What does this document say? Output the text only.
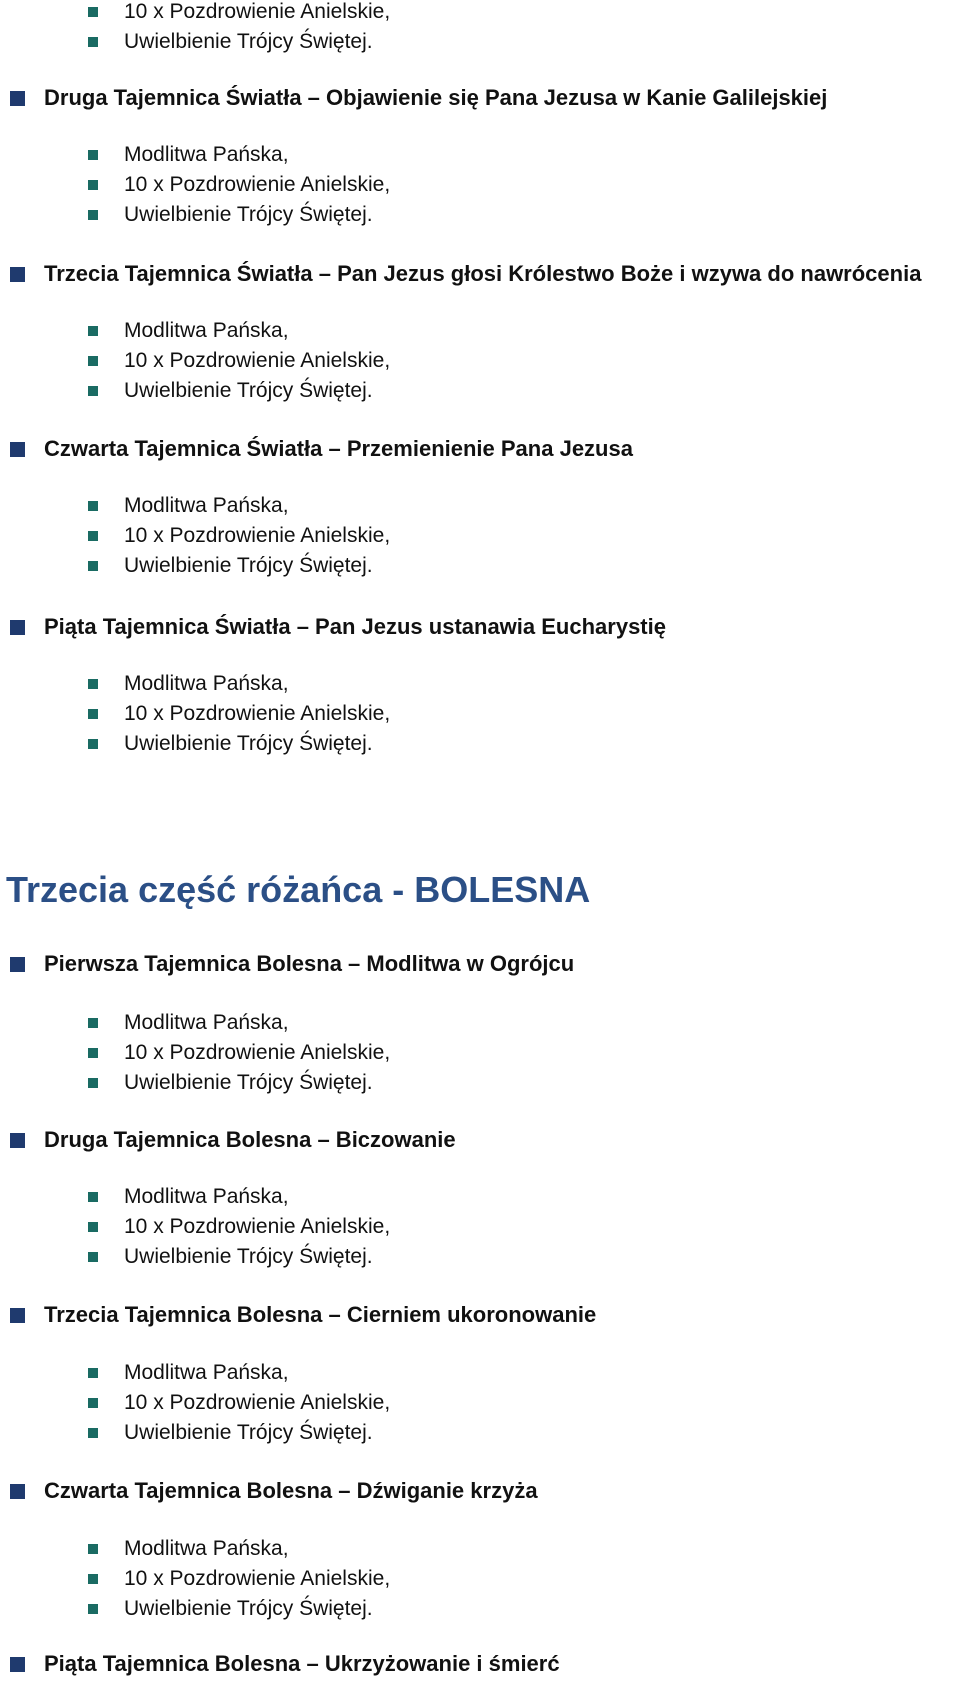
10 x Pozdrowienie Anielskie,
Uwielbienie Trójcy Świętej.
Druga Tajemnica Światła – Objawienie się Pana Jezusa w Kanie Galilejskiej
Modlitwa Pańska,
10 x Pozdrowienie Anielskie,
Uwielbienie Trójcy Świętej.
Trzecia Tajemnica Światła – Pan Jezus głosi Królestwo Boże i wzywa do nawrócenia
Modlitwa Pańska,
10 x Pozdrowienie Anielskie,
Uwielbienie Trójcy Świętej.
Czwarta Tajemnica Światła – Przemienienie Pana Jezusa
Modlitwa Pańska,
10 x Pozdrowienie Anielskie,
Uwielbienie Trójcy Świętej.
Piąta Tajemnica Światła – Pan Jezus ustanawia Eucharystię
Modlitwa Pańska,
10 x Pozdrowienie Anielskie,
Uwielbienie Trójcy Świętej.
Trzecia część różańca - BOLESNA
Pierwsza Tajemnica Bolesna – Modlitwa w Ogrójcu
Modlitwa Pańska,
10 x Pozdrowienie Anielskie,
Uwielbienie Trójcy Świętej.
Druga Tajemnica Bolesna – Biczowanie
Modlitwa Pańska,
10 x Pozdrowienie Anielskie,
Uwielbienie Trójcy Świętej.
Trzecia Tajemnica Bolesna – Cierniem ukoronowanie
Modlitwa Pańska,
10 x Pozdrowienie Anielskie,
Uwielbienie Trójcy Świętej.
Czwarta Tajemnica Bolesna – Dźwiganie krzyża
Modlitwa Pańska,
10 x Pozdrowienie Anielskie,
Uwielbienie Trójcy Świętej.
Piąta Tajemnica Bolesna – Ukrzyżowanie i śmierć
